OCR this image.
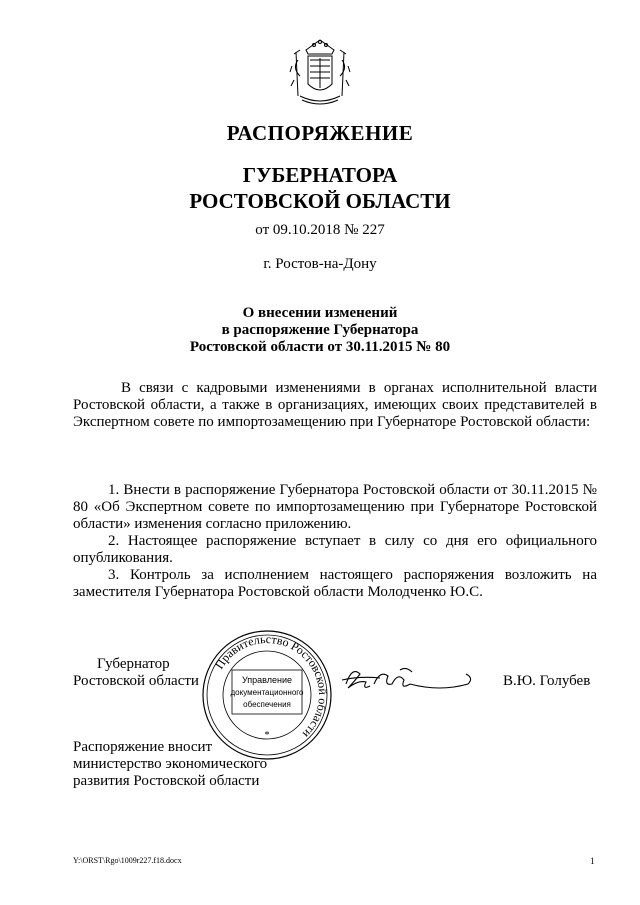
РАСПОРЯЖЕНИЕ
ГУБЕРНАТОРА
РОСТОВСКОЙ ОБЛАСТИ
от 09.10.2018 № 227
г. Ростов-на-Дону
О внесении изменений
в распоряжение Губернатора
Ростовской области от 30.11.2015 № 80
В связи с кадровыми изменениями в органах исполнительной власти Ростовской области, а также в организациях, имеющих своих представителей в Экспертном совете по импортозамещению при Губернаторе Ростовской области:
1. Внести в распоряжение Губернатора Ростовской области от 30.11.2015 № 80 «Об Экспертном совете по импортозамещению при Губернаторе Ростовской области» изменения согласно приложению.
2. Настоящее распоряжение вступает в силу со дня его официального опубликования.
3. Контроль за исполнением настоящего распоряжения возложить на заместителя Губернатора Ростовской области Молодченко Ю.С.
Губернатор
Ростовской области
Правительство Ростовской области
Управление
документационного
обеспечения
*
В.Ю. Голубев
Распоряжение вносит
министерство экономического
развития Ростовской области
Y:\ORST\Rgo\1009r227.f18.docx	1
